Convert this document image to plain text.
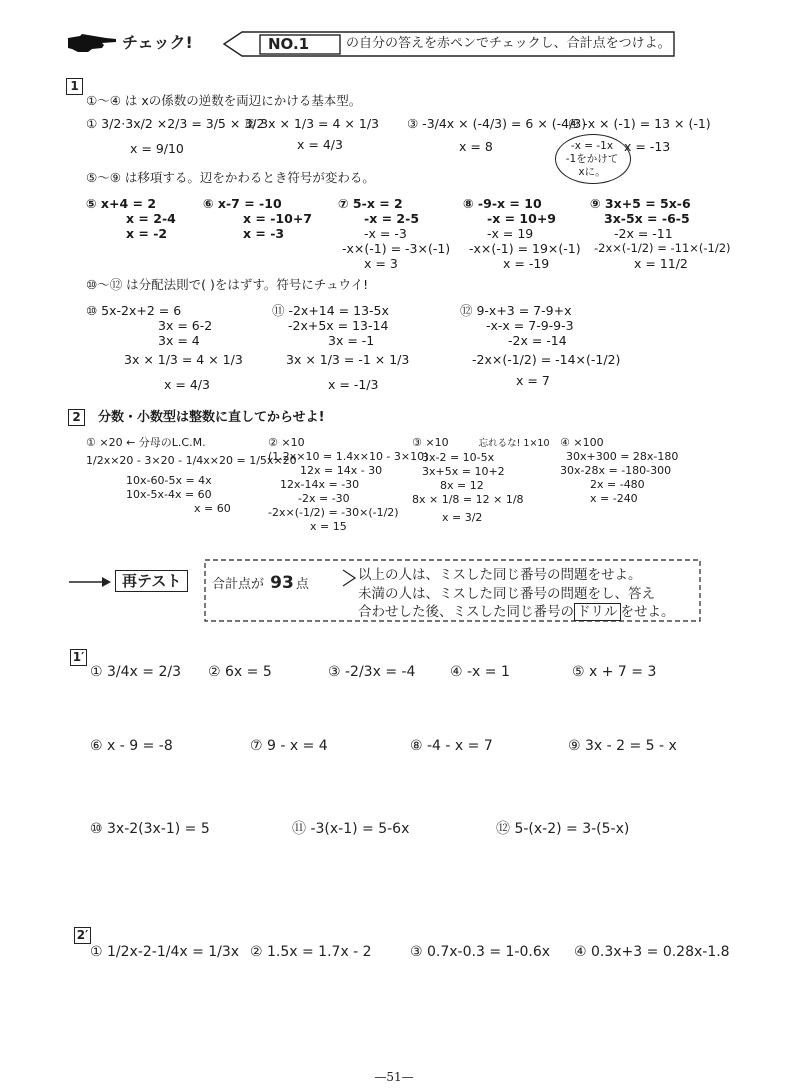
チェック!	NO.1	の自分の答えを赤ペンでチェックし、合計点をつけよ。
1
①～④ は xの係数の逆数を両辺にかける基本型。
① 3/2·3x/2 ×2/3 = 3/5 × 3/2
x = 9/10
② 3x × 1/3 = 4 × 1/3
x = 4/3
③ -3/4x × (-4/3) = 6 × (-4/3)
x = 8
④ -x × (-1) = 13 × (-1)
x = -13
-x = -1x
-1をかけて
xに。
⑤～⑨ は移項する。辺をかわるとき符号が変わる。
⑤ x+4 = 2
x = 2-4
x = -2
⑥ x-7 = -10
x = -10+7
x = -3
⑦ 5-x = 2
-x = 2-5
-x = -3
-x×(-1) = -3×(-1)
x = 3
⑧ -9-x = 10
-x = 10+9
-x = 19
-x×(-1) = 19×(-1)
x = -19
⑨ 3x+5 = 5x-6
3x-5x = -6-5
-2x = -11
-2x×(-1/2) = -11×(-1/2)
x = 11/2
⑩～⑫ は分配法則で( )をはずす。符号にチュウイ!
⑩ 5x-2x+2 = 6
3x = 6-2
3x = 4
3x × 1/3 = 4 × 1/3
x = 4/3
⑪ -2x+14 = 13-5x
-2x+5x = 13-14
3x = -1
3x × 1/3 = -1 × 1/3
x = -1/3
⑫ 9-x+3 = 7-9+x
-x-x = 7-9-9-3
-2x = -14
-2x×(-1/2) = -14×(-1/2)
x = 7
2	分数・小数型は整数に直してからせよ!
① ×20 ← 分母のL.C.M.
1/2x×20 - 3×20 - 1/4x×20 = 1/5x×20
10x-60-5x = 4x
10x-5x-4x = 60
x = 60
② ×10
(1.2x×10 = 1.4x×10 - 3×10)
12x = 14x - 30
12x-14x = -30
-2x = -30
-2x×(-1/2) = -30×(-1/2)
x = 15
③ ×10	忘れるな! 1×10
3x-2 = 10-5x
3x+5x = 10+2
8x = 12
8x × 1/8 = 12 × 1/8
x = 3/2
④ ×100
30x+300 = 28x-180
30x-28x = -180-300
2x = -480
x = -240
再テスト	合計点が 93 点
以上の人は、ミスした同じ番号の問題をせよ。
未満の人は、ミスした同じ番号の問題をし、答え
合わせした後、ミスした同じ番号の ドリル をせよ。
1′
① 3/4x = 2/3 ② 6x = 5	③ -2/3x = -4 ④ -x = 1	⑤ x + 7 = 3
⑥ x - 9 = -8	⑦ 9 - x = 4	⑧ -4 - x = 7	⑨ 3x - 2 = 5 - x
⑩ 3x-2(3x-1) = 5	⑪ -3(x-1) = 5-6x	⑫ 5-(x-2) = 3-(5-x)
2′
① 1/2x-2-1/4x = 1/3x ② 1.5x = 1.7x - 2	③ 0.7x-0.3 = 1-0.6x ④ 0.3x+3 = 0.28x-1.8
—51—
